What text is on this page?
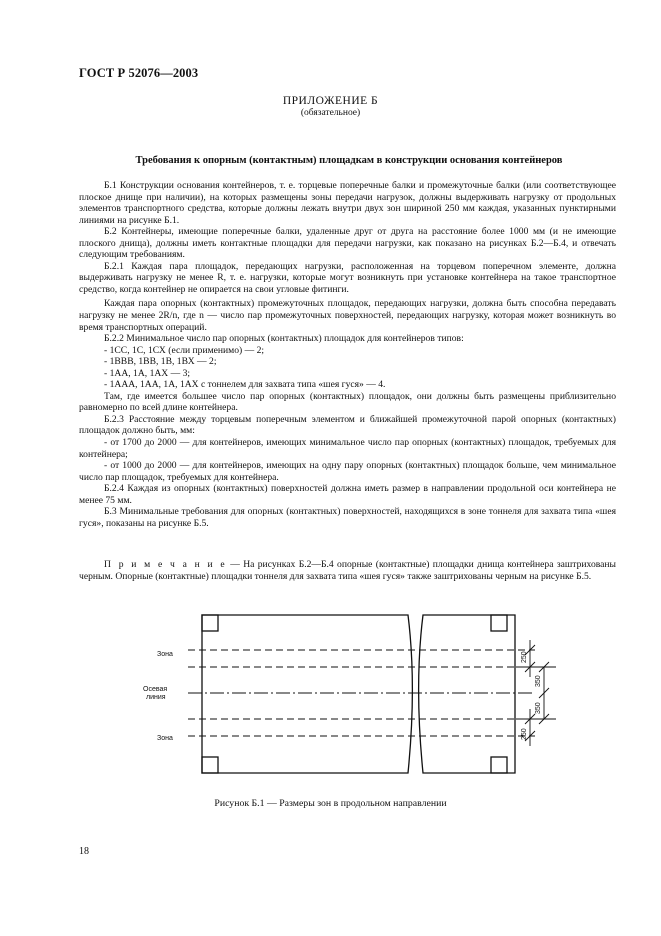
ГОСТ Р 52076—2003
ПРИЛОЖЕНИЕ Б
(обязательное)
Требования к опорным (контактным) площадкам в конструкции основания контейнеров

Б.1 Конструкции основания контейнеров, т. е. торцевые поперечные балки и промежуточные балки (или соответствующее плоское днище при наличии), на которых размещены зоны передачи нагрузок, должны выдерживать нагрузку от продольных элементов транспортного средства, которые должны лежать внутри двух зон шириной 250 мм каждая, указанных пунктирными линиями на рисунке Б.1.

Б.2 Контейнеры, имеющие поперечные балки, удаленные друг от друга на расстояние более 1000 мм (и не имеющие плоского днища), должны иметь контактные площадки для передачи нагрузки, как показано на рисунках Б.2—Б.4, и отвечать следующим требованиям.

Б.2.1 Каждая пара площадок, передающих нагрузки, расположенная на торцевом поперечном элементе, должна выдерживать нагрузку не менее R, т. е. нагрузки, которые могут возникнуть при установке контейнера на такое транспортное средство, когда контейнер не опирается на свои угловые фитинги.

Каждая пара опорных (контактных) промежуточных площадок, передающих нагрузки, должна быть способна передавать нагрузку не менее 2R/n, где n — число пар промежуточных поверхностей, передающих нагрузку, которая может возникнуть во время транспортных операций.

Б.2.2 Минимальное число пар опорных (контактных) площадок для контейнеров типов:

- 1СС, 1С, 1СХ (если применимо) — 2;

- 1ВВВ, 1ВВ, 1В, 1ВХ — 2;

- 1АА, 1А, 1АХ — 3;

- 1ААА, 1АА, 1А, 1АХ с тоннелем для захвата типа «шея гуся» — 4.

Там, где имеется большее число пар опорных (контактных) площадок, они должны быть размещены приблизительно равномерно по всей длине контейнера.

Б.2.3 Расстояние между торцевым поперечным элементом и ближайшей промежуточной парой опорных (контактных) площадок должно быть, мм:

- от 1700 до 2000 — для контейнеров, имеющих минимальное число пар опорных (контактных) площадок, требуемых для контейнера;

- от 1000 до 2000 — для контейнеров, имеющих на одну пару опорных (контактных) площадок больше, чем минимальное число пар площадок, требуемых для контейнера.

Б.2.4 Каждая из опорных (контактных) поверхностей должна иметь размер в направлении продольной оси контейнера не менее 75 мм.

Б.3 Минимальные требования для опорных (контактных) поверхностей, находящихся в зоне тоннеля для захвата типа «шея гуся», показаны на рисунке Б.5.

П р и м е ч а н и е — На рисунках Б.2—Б.4 опорные (контактные) площадки днища контейнера заштрихованы черным. Опорные (контактные) площадки тоннеля для захвата типа «шея гуся» также заштрихованы черным на рисунке Б.5.
Зона
Осевая
линия
Зона
250
350
350
250
Рисунок Б.1 — Размеры зон в продольном направлении
18
